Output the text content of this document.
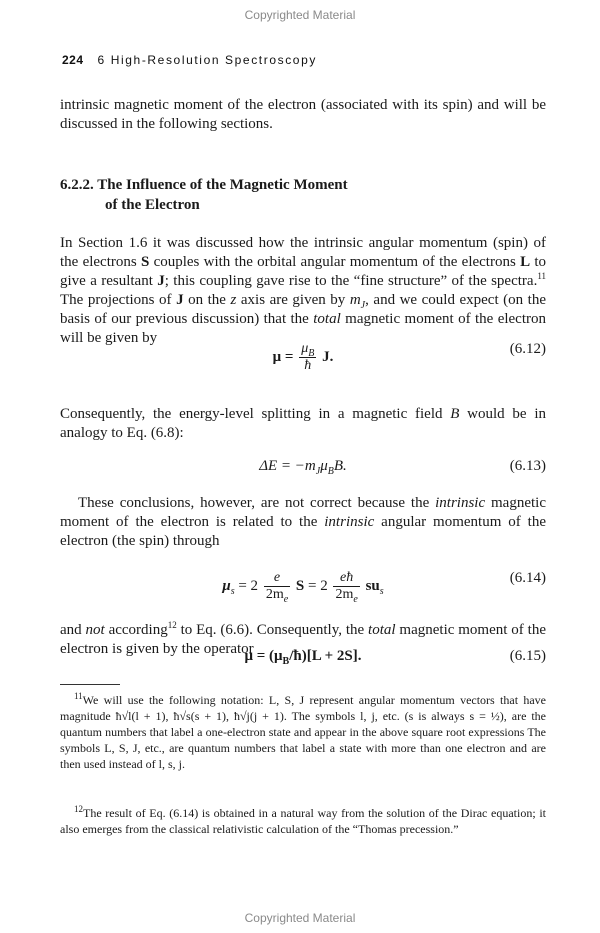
Copyrighted Material
224 6 High-Resolution Spectroscopy

intrinsic magnetic moment of the electron (associated with its spin) and will be discussed in the following sections.

6.2.2. The Influence of the Magnetic Moment
of the Electron

In Section 1.6 it was discussed how the intrinsic angular momentum (spin) of the electrons S couples with the orbital angular momentum of the electrons L to give a resultant J; this coupling gave rise to the “fine structure” of the spectra.$^{11}$ The projections of J on the z axis are given by $m_J$, and we could expect (on the basis of our previous discussion) that the total magnetic moment of the electron will be given by

$\mu = \frac{\mu_B}{ħ} J$.	(6.12)

Consequently, the energy-level splitting in a magnetic field B would be in analogy to Eq. (6.8):

$\Delta E = -m_J\mu_BB$.	(6.13)

These conclusions, however, are not correct because the intrinsic magnetic moment of the electron is related to the intrinsic angular momentum of the electron (the spin) through

$\mu_s = 2 \frac{e}{2m_e}$ $S = 2 \frac{eħ}{2m_e} su_s$
(6.14)

and not according$^{12}$ to Eq. (6.6). Consequently, the total magnetic moment of the electron is given by the operator

$\mu = (\mu_B/ħ)[L + 2S]$.	(6.15)

$^{11}$We will use the following notation: L, S, J represent angular momentum vectors that have magnitude ħ√l(l + 1), ħ√s(s + 1), ħ√j(j + 1). The symbols l, j, etc. (s is always s = ½), are the quantum numbers that label a one-electron state and appear in the above square root expressions The symbols L, S, J, etc., are quantum numbers that label a state with more than one electron and are then used instead of l, s, j.

$^{12}$The result of Eq. (6.14) is obtained in a natural way from the solution of the Dirac equation; it also emerges from the classical relativistic calculation of the “Thomas precession.”

Copyrighted Material
